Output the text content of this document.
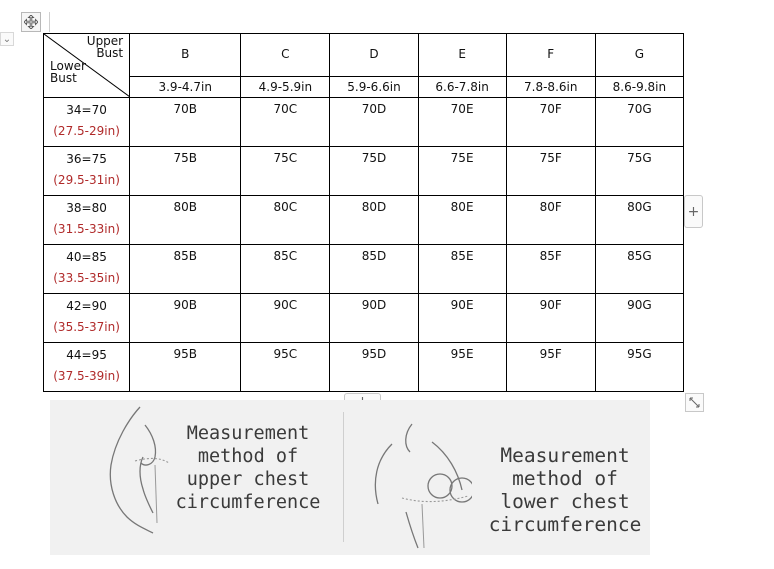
⌄	Upper
Bust
Lower
Bust	B	C	D	E	F	G
	3.9-4.7in	4.9-5.9in	5.9-6.6in	6.6-7.8in	7.8-8.6in	8.6-9.8in

34=70
(27.5-29in)	70B	70C	70D	70E	70F	70G

36=75
(29.5-31in)	75B	75C	75D	75E	75F	75G

38=80
(31.5-33in)	80B	80C	80D	80E	80F	80G

40=85
(33.5-35in)	85B	85C	85D	85E	85F	85G

42=90
(35.5-37in)	90B	90C	90D	90E	90F	90G

44=95
(37.5-39in)	95B	95C	95D	95E	95F	95G
+
Measurement
method of
upper chest
circumference
Measurement
method of
lower chest
circumference
